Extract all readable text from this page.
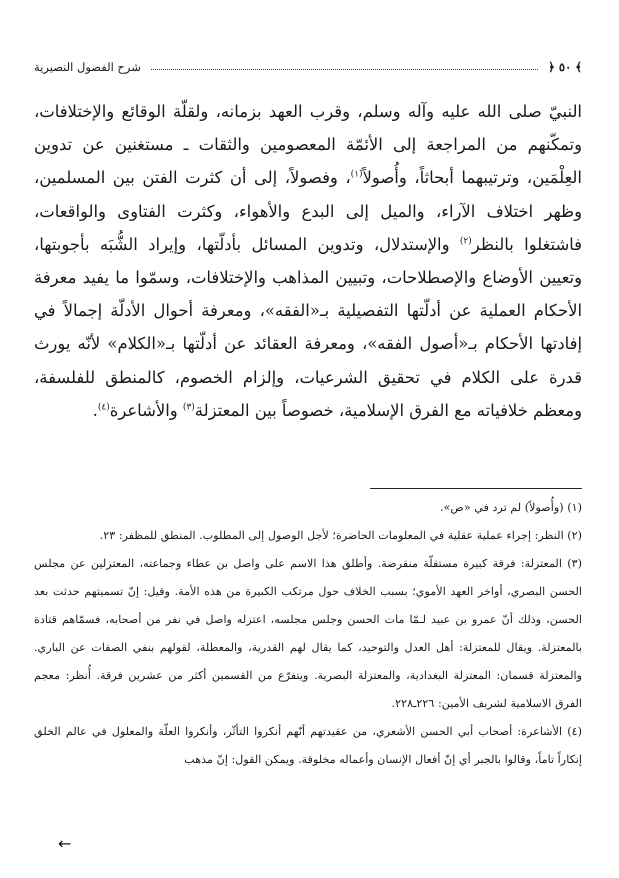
﴾ ٥٠ ﴿
شرح الفصول النصيرية

النبيّ صلى الله عليه وآله وسلم، وقرب العهد بزمانه، ولقلّة الوقائع والإختلافات، وتمكّنهم من المراجعة إلى الأئمّة المعصومين والثقات ـ مستغنين عن تدوين العِلْمَين، وترتيبهما أبحاثاً، وأُصولاً$^{(١)}$، وفصولاً، إلى أن كثرت الفتن بين المسلمين، وظهر اختلاف الآراء، والميل إلى البدع والأهواء، وكثرت الفتاوى والواقعات، فاشتغلوا بالنظر$^{(٢)}$ والإستدلال، وتدوين المسائل بأدلّتها، وإيراد الشُّبَه بأجوبتها، وتعيين الأوضاع والإصطلاحات، وتبيين المذاهب والإختلافات، وسمّوا ما يفيد معرفة الأحكام العملية عن أدلّتها التفصيلية بـ«الفقه»، ومعرفة أحوال الأدلّة إجمالاً في إفادتها الأحكام بـ«أصول الفقه»، ومعرفة العقائد عن أدلّتها بـ«الكلام» لأنّه يورث قدرة على الكلام في تحقيق الشرعيات، وإلزام الخصوم، كالمنطق للفلسفة، ومعظم خلافياته مع الفرق الإسلامية، خصوصاً بين المعتزلة$^{(٣)}$ والأشاعرة$^{(٤)}$.

(١) (وأُصولاً) لم ترد في «ص».

(٢) النظر: إجراء عملية عقلية في المعلومات الحاضرة؛ لأجل الوصول إلى المطلوب. المنطق للمظفر: ٢٣.

(٣) المعتزلة: فرقة كبيرة مستقلّة منقرضة. وأطلق هذا الاسم على واصل بن عطاء وجماعته، المعتزلين عن مجلس الحسن البصري، أواخر العهد الأموي؛ بسبب الخلاف حول مرتكب الكبيرة من هذه الأمة. وقيل: إنّ تسميتهم حدثت بعد الحسن، وذلك أنّ عمرو بن عبيد لـمّا مات الحسن وجلس مجلسه، اعتزله واصل في نفر من أصحابه، فسمّاهم قتادة بالمعتزلة. ويقال للمعتزلة: أهل العدل والتوحيد، كما يقال لهم القدرية، والمعطلة، لقولهم بنفي الصفات عن الباري. والمعتزلة قسمان: المعتزلة البغدادية، والمعتزلة البصرية. ويتفرّع من القسمين أكثر من عشرين فرقة. أُنظر: معجم الفرق الاسلامية لشريف الأمين: ٢٢٦ـ٢٢٨.

(٤) الأشاعرة: أصحاب أبي الحسن الأشعري، من عقيدتهم أنّهم أنكروا التأثّر، وأنكروا العلّة والمعلول في عالم الخلق إنكاراً تاماً، وقالوا بالجبر أي إنّ أفعال الإنسان وأعماله مخلوقة. ويمكن القول: إنّ مذهب

←
